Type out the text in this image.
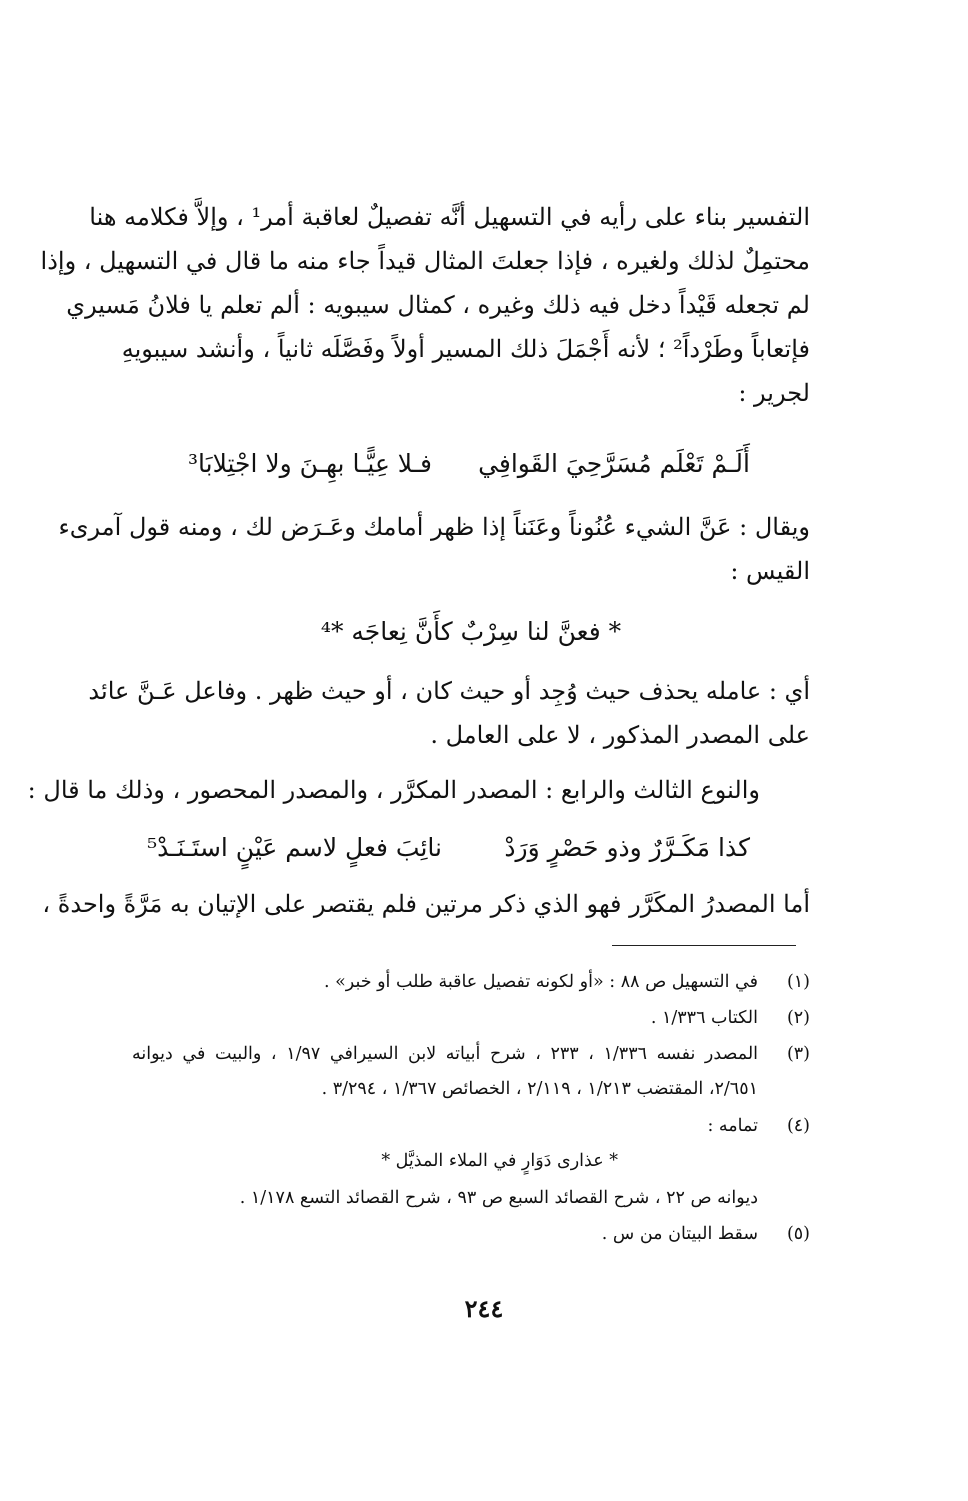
التفسير بناء على رأيه في التسهيل أنَّه تفصيلٌ لعاقبة أمر¹ ، وإلاَّ فكلامه هنا
محتمِلٌ لذلك ولغيره ، فإذا جعلتَ المثال قيداً جاء منه ما قال في التسهيل ، وإذا
لم تجعله قَيْداً دخل فيه ذلك وغيره ، كمثال سيبويه : ألم تعلم يا فلانُ مَسيري
فإتعاباً وطَرْداً² ؛ لأنه أَجْمَلَ ذلك المسير أولاً وفَصَّلَه ثانياً ، وأنشد سيبويهِ
لجرير :
أَلَـمْ تَعْلَم مُسَرَّحِيَ القَوافِي
فـلا عِيًّـا بهِـنَ ولا اجْتِلابَا³
ويقال : عَنَّ الشيء عُنُوناً وعَنَناً إذا ظهر أمامك وعَـرَض لك ، ومنه قول آمرىء
القيس :
* فعنَّ لنا سِرْبٌ كأَنَّ نِعاجَه *⁴
أي : عامله يحذف حيث وُجِد أو حيث كان ، أو حيث ظهر . وفاعل عَـنَّ عائد
على المصدر المذكور ، لا على العامل .
والنوع الثالث والرابع : المصدر المكرَّر ، والمصدر المحصور ، وذلك ما قال :
كذا مَكَـرَّرٌ وذو حَصْرٍ وَرَدْ
نائِبَ فعلٍ لاسم عَيْنٍ استَـنَـدْ⁵
أما المصدرُ المكَرَّر فهو الذي ذكر مرتين فلم يقتصر على الإتيان به مَرَّةً واحدةً ،
(١)
في التسهيل ص ٨٨ : «أو لكونه تفصيل عاقبة طلب أو خبر» .
(٢)
الكتاب ١/٣٣٦ .
(٣)
المصدر نفسه ١/٣٣٦ ، ٢٣٣ ، شرح أبياته لابن السيرافي ١/٩٧ ، والبيت في ديوانه
٢/٦٥١، المقتضب ١/٢١٣ ، ٢/١١٩ ، الخصائص ١/٣٦٧ ، ٣/٢٩٤ .
(٤)
تمامه :
* عذارى دَوَارٍ في الملاء المذيَّل *
ديوانه ص ٢٢ ، شرح القصائد السبع ص ٩٣ ، شرح القصائد التسع ١/١٧٨ .
(٥)
سقط البيتان من س .
٢٤٤
